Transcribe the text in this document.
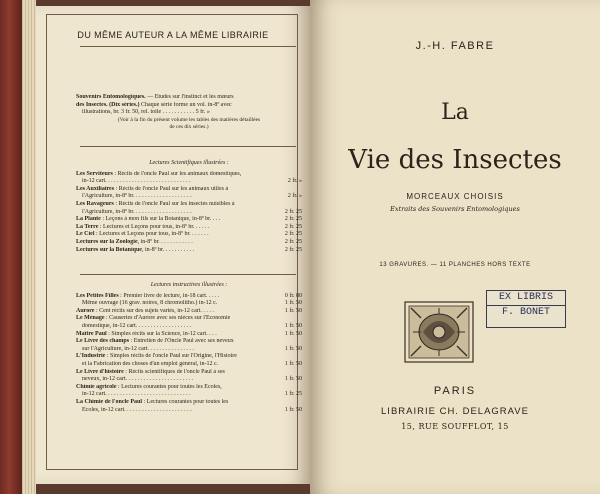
DU MÊME AUTEUR A LA MÊME LIBRAIRIE
Souvenirs Entomologiques. — Études sur l'instinct et les mœurs
des Insectes. (Dix séries.) Chaque série forme un vol. in-8º avec
illustrations, br. 3 fr. 50, rel. toile . . . . . . . . . . . 5 fr. »
(Voir à la fin du présent volume les tables des matières détaillées
de ces dix séries.)
Lectures Scientifiques illustrées :
Les Serviteurs : Récits de l'oncle Paul sur les animaux domestiques,
in-12 cart. . . . . . . . . . . . . . . . . . . . . . . . . . . . .	2 fr. »
Les Auxiliaires : Récits de l'oncle Paul sur les animaux utiles à
l'Agriculture, in-8º br. . . . . . . . . . . . . . . . . . . .	2 fr. »
Les Ravageurs : Récits de l'oncle Paul sur les insectes nuisibles à
l'Agriculture, in-8º br. . . . . . . . . . . . . . . . . . . .	2 fr. 25
La Plante : Leçons à mon fils sur la Botanique, in-8º br. . . .	2 fr. 25
La Terre : Lectures et Leçons pour tous, in-8º br. . . . . .	2 fr. 25
Le Ciel : Lectures et Leçons pour tous, in-8º br. . . . . . .	2 fr. 25
Lectures sur la Zoologie, in-8º br. . . . . . . . . . . .	2 fr. 25
Lectures sur la Botanique, in-8º br. . . . . . . . . . .	2 fr. 25
Lectures instructives illustrées :
Les Petites Filles : Premier livre de lecture, in-18 cart. . . . .	0 fr. 80
Même ouvrage (16 grav. noires, 8 chromolitho.) in-12 c.	1 fr. 50
Aurore : Cent récits sur des sujets variés, in-12 cart. . . . .	1 fr. 50
Le Ménage : Causeries d'Aurore avec ses nièces sur l'Économie
domestique, in-12 cart. . . . . . . . . . . . . . . . . . .	1 fr. 50
Maître Paul : Simples récits sur la Science, in-12 cart. . . .	1 fr. 50
Le Livre des champs : Entretien de l'Oncle Paul avec ses neveux
sur l'Agriculture, in-12 cart. . . . . . . . . . . . . . . .	1 fr. 50
L'Industrie : Simples récits de l'oncle Paul sur l'Origine, l'Histoire
et la Fabrication des choses d'un emploi général, in-12 c.	1 fr. 50
Le Livre d'histoire : Récits scientifiques de l'oncle Paul à ses
neveux, in-12 cart. . . . . . . . . . . . . . . . . . . . . . .	1 fr. 50
Chimie agricole : Lectures courantes pour toutes les Écoles,
in-12 cart. . . . . . . . . . . . . . . . . . . . . . . . . . . . .	1 fr. 25
La Chimie de l'oncle Paul : Lectures courantes pour toutes les
Écoles, in-12 cart. . . . . . . . . . . . . . . . . . . . . . .	1 fr. 50
J.-H. FABRE
La
Vie des Insectes
MORCEAUX CHOISIS
Extraits des Souvenirs Entomologiques
13 GRAVURES. — 11 PLANCHES HORS TEXTE
EX LIBRIS
F. BONET
PARIS
LIBRAIRIE CH. DELAGRAVE
15, RUE SOUFFLOT, 15
